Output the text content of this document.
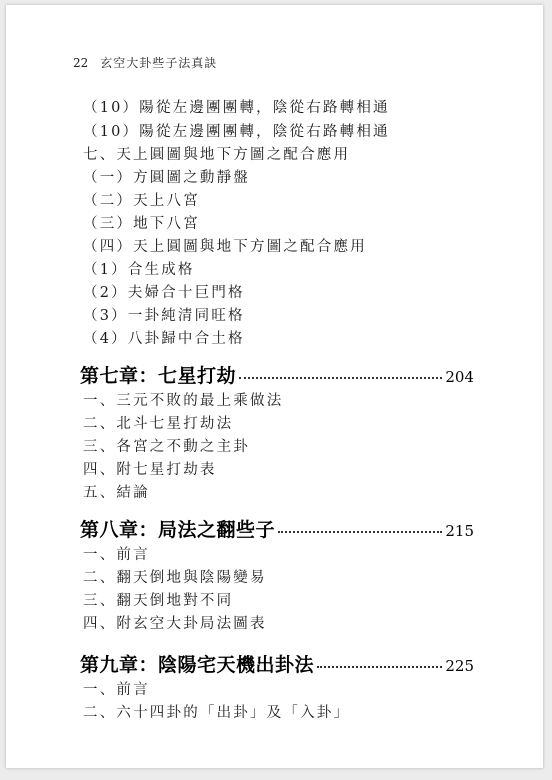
22 玄空大卦些子法真訣
（10）陽從左邊團團轉，陰從右路轉相通
（10）陽從左邊團團轉，陰從右路轉相通
七、天上圓圖與地下方圖之配合應用
（一）方圓圖之動靜盤
（二）天上八宮
（三）地下八宮
（四）天上圓圖與地下方圖之配合應用
（1）合生成格
（2）夫婦合十巨門格
（3）一卦純清同旺格
（4）八卦歸中合土格
第七章：七星打劫	204
一、三元不敗的最上乘做法
二、北斗七星打劫法
三、各宮之不動之主卦
四、附七星打劫表
五、結論
第八章：局法之翻些子	215
一、前言
二、翻天倒地與陰陽變易
三、翻天倒地對不同
四、附玄空大卦局法圖表
第九章：陰陽宅天機出卦法	225
一、前言
二、六十四卦的「出卦」及「入卦」
